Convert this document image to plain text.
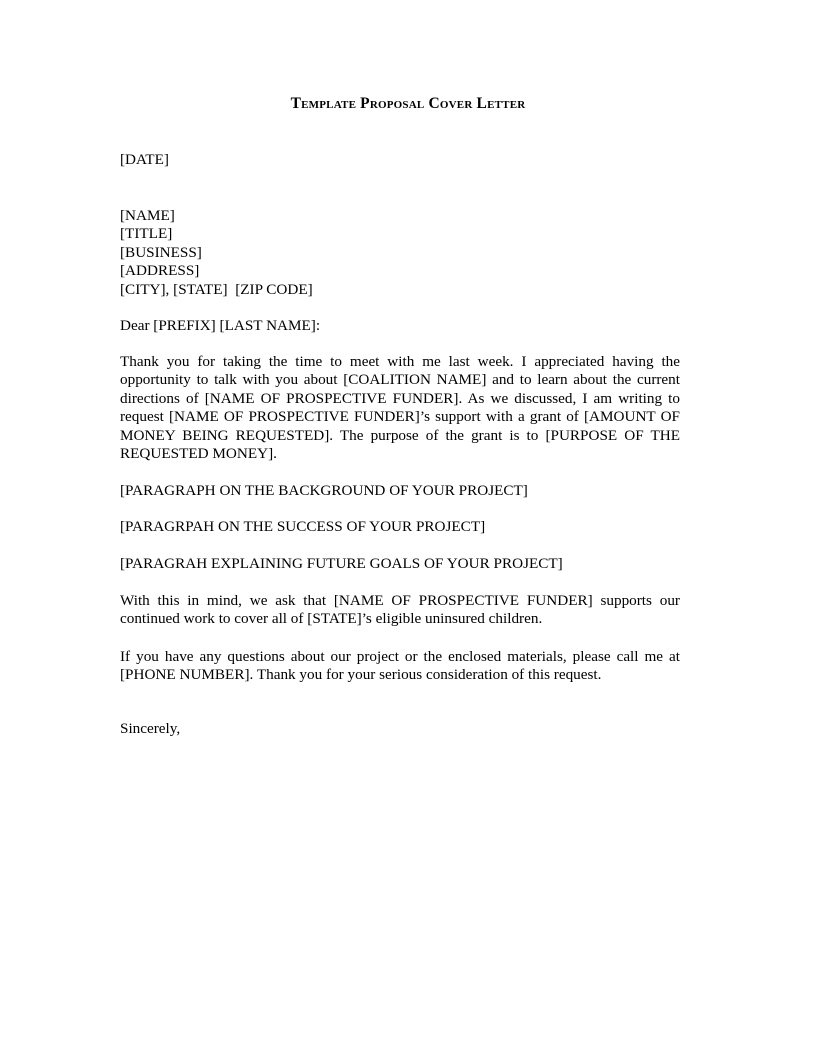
Template Proposal Cover Letter

[DATE]

[NAME]
[TITLE]
[BUSINESS]
[ADDRESS]
[CITY], [STATE]  [ZIP CODE]

Dear [PREFIX] [LAST NAME]:

Thank you for taking the time to meet with me last week. I appreciated having the opportunity to talk with you about [COALITION NAME] and to learn about the current directions of [NAME OF PROSPECTIVE FUNDER]. As we discussed, I am writing to request [NAME OF PROSPECTIVE FUNDER]’s support with a grant of [AMOUNT OF MONEY BEING REQUESTED]. The purpose of the grant is to [PURPOSE OF THE REQUESTED MONEY].

[PARAGRAPH ON THE BACKGROUND OF YOUR PROJECT]

[PARAGRPAH ON THE SUCCESS OF YOUR PROJECT]

[PARAGRAH EXPLAINING FUTURE GOALS OF YOUR PROJECT]

With this in mind, we ask that [NAME OF PROSPECTIVE FUNDER] supports our continued work to cover all of [STATE]’s eligible uninsured children.

If you have any questions about our project or the enclosed materials, please call me at [PHONE NUMBER]. Thank you for your serious consideration of this request.

Sincerely,
